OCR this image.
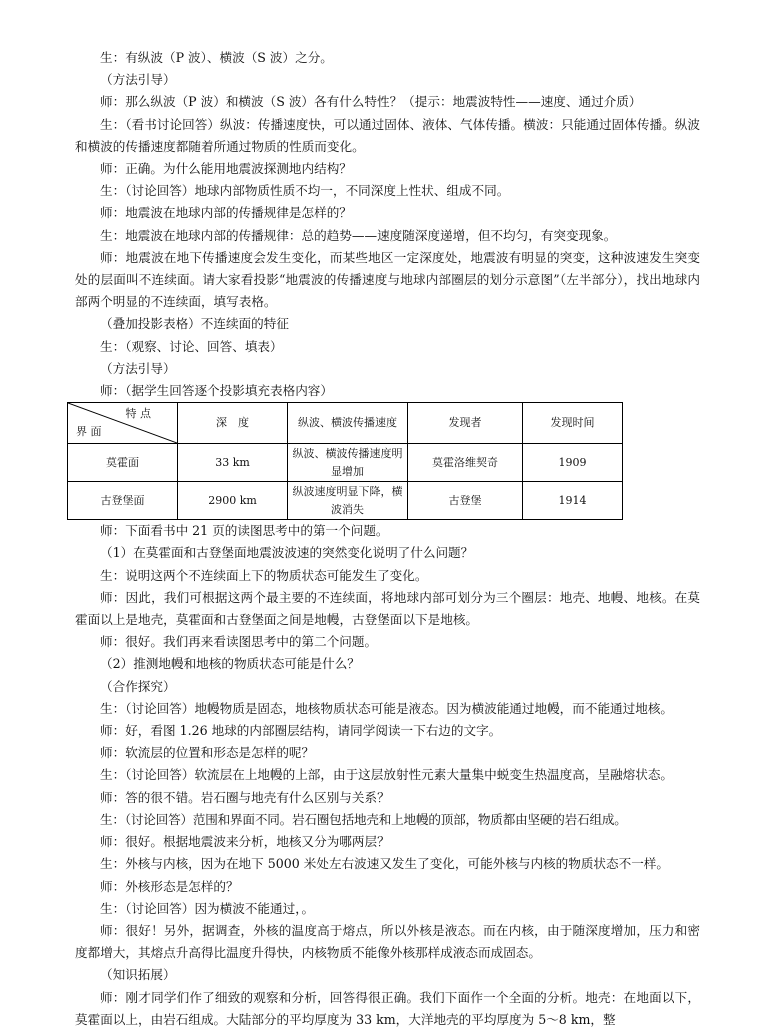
生：有纵波（P 波）、横波（S 波）之分。

（方法引导）

师：那么纵波（P 波）和横波（S 波）各有什么特性？（提示：地震波特性——速度、通过介质）

生：（看书讨论回答）纵波：传播速度快，可以通过固体、液体、气体传播。横波：只能通过固体传播。纵波和横波的传播速度都随着所通过物质的性质而变化。

师：正确。为什么能用地震波探测地内结构？

生：（讨论回答）地球内部物质性质不均一，不同深度上性状、组成不同。

师：地震波在地球内部的传播规律是怎样的？

生：地震波在地球内部的传播规律：总的趋势——速度随深度递增，但不均匀，有突变现象。

师：地震波在地下传播速度会发生变化，而某些地区一定深度处，地震波有明显的突变，这种波速发生突变处的层面叫不连续面。请大家看投影“地震波的传播速度与地球内部圈层的划分示意图”（左半部分），找出地球内部两个明显的不连续面，填写表格。

（叠加投影表格）不连续面的特征

生：（观察、讨论、回答、填表）

（方法引导）

师：（据学生回答逐个投影填充表格内容）

特 点
界 面	深　度	纵波、横波传播速度	发现者	发现时间
莫霍面	33 km	纵波、横波传播速度明显增加	莫霍洛维契奇	1909
古登堡面	2900 km	纵波速度明显下降，横波消失	古登堡	1914

师：下面看书中 21 页的读图思考中的第一个问题。

（1）在莫霍面和古登堡面地震波波速的突然变化说明了什么问题？

生：说明这两个不连续面上下的物质状态可能发生了变化。

师：因此，我们可根据这两个最主要的不连续面，将地球内部可划分为三个圈层：地壳、地幔、地核。在莫霍面以上是地壳，莫霍面和古登堡面之间是地幔，古登堡面以下是地核。

师：很好。我们再来看读图思考中的第二个问题。

（2）推测地幔和地核的物质状态可能是什么？

（合作探究）

生：（讨论回答）地幔物质是固态，地核物质状态可能是液态。因为横波能通过地幔，而不能通过地核。

师：好，看图 1.26 地球的内部圈层结构，请同学阅读一下右边的文字。

师：软流层的位置和形态是怎样的呢？

生：（讨论回答）软流层在上地幔的上部，由于这层放射性元素大量集中蜕变生热温度高，呈融熔状态。

师：答的很不错。岩石圈与地壳有什么区别与关系？

生：（讨论回答）范围和界面不同。岩石圈包括地壳和上地幔的顶部，物质都由坚硬的岩石组成。

师：很好。根据地震波来分析，地核又分为哪两层？

生：外核与内核，因为在地下 5000 米处左右波速又发生了变化，可能外核与内核的物质状态不一样。

师：外核形态是怎样的？

生：（讨论回答）因为横波不能通过，。

师：很好！另外，据调查，外核的温度高于熔点，所以外核是液态。而在内核，由于随深度增加，压力和密度都增大，其熔点升高得比温度升得快，内核物质不能像外核那样成液态而成固态。

（知识拓展）

师：刚才同学们作了细致的观察和分析，回答得很正确。我们下面作一个全面的分析。地壳：在地面以下，莫霍面以上，由岩石组成。大陆部分的平均厚度为 33 km，大洋地壳的平均厚度为 5～8 km，整
